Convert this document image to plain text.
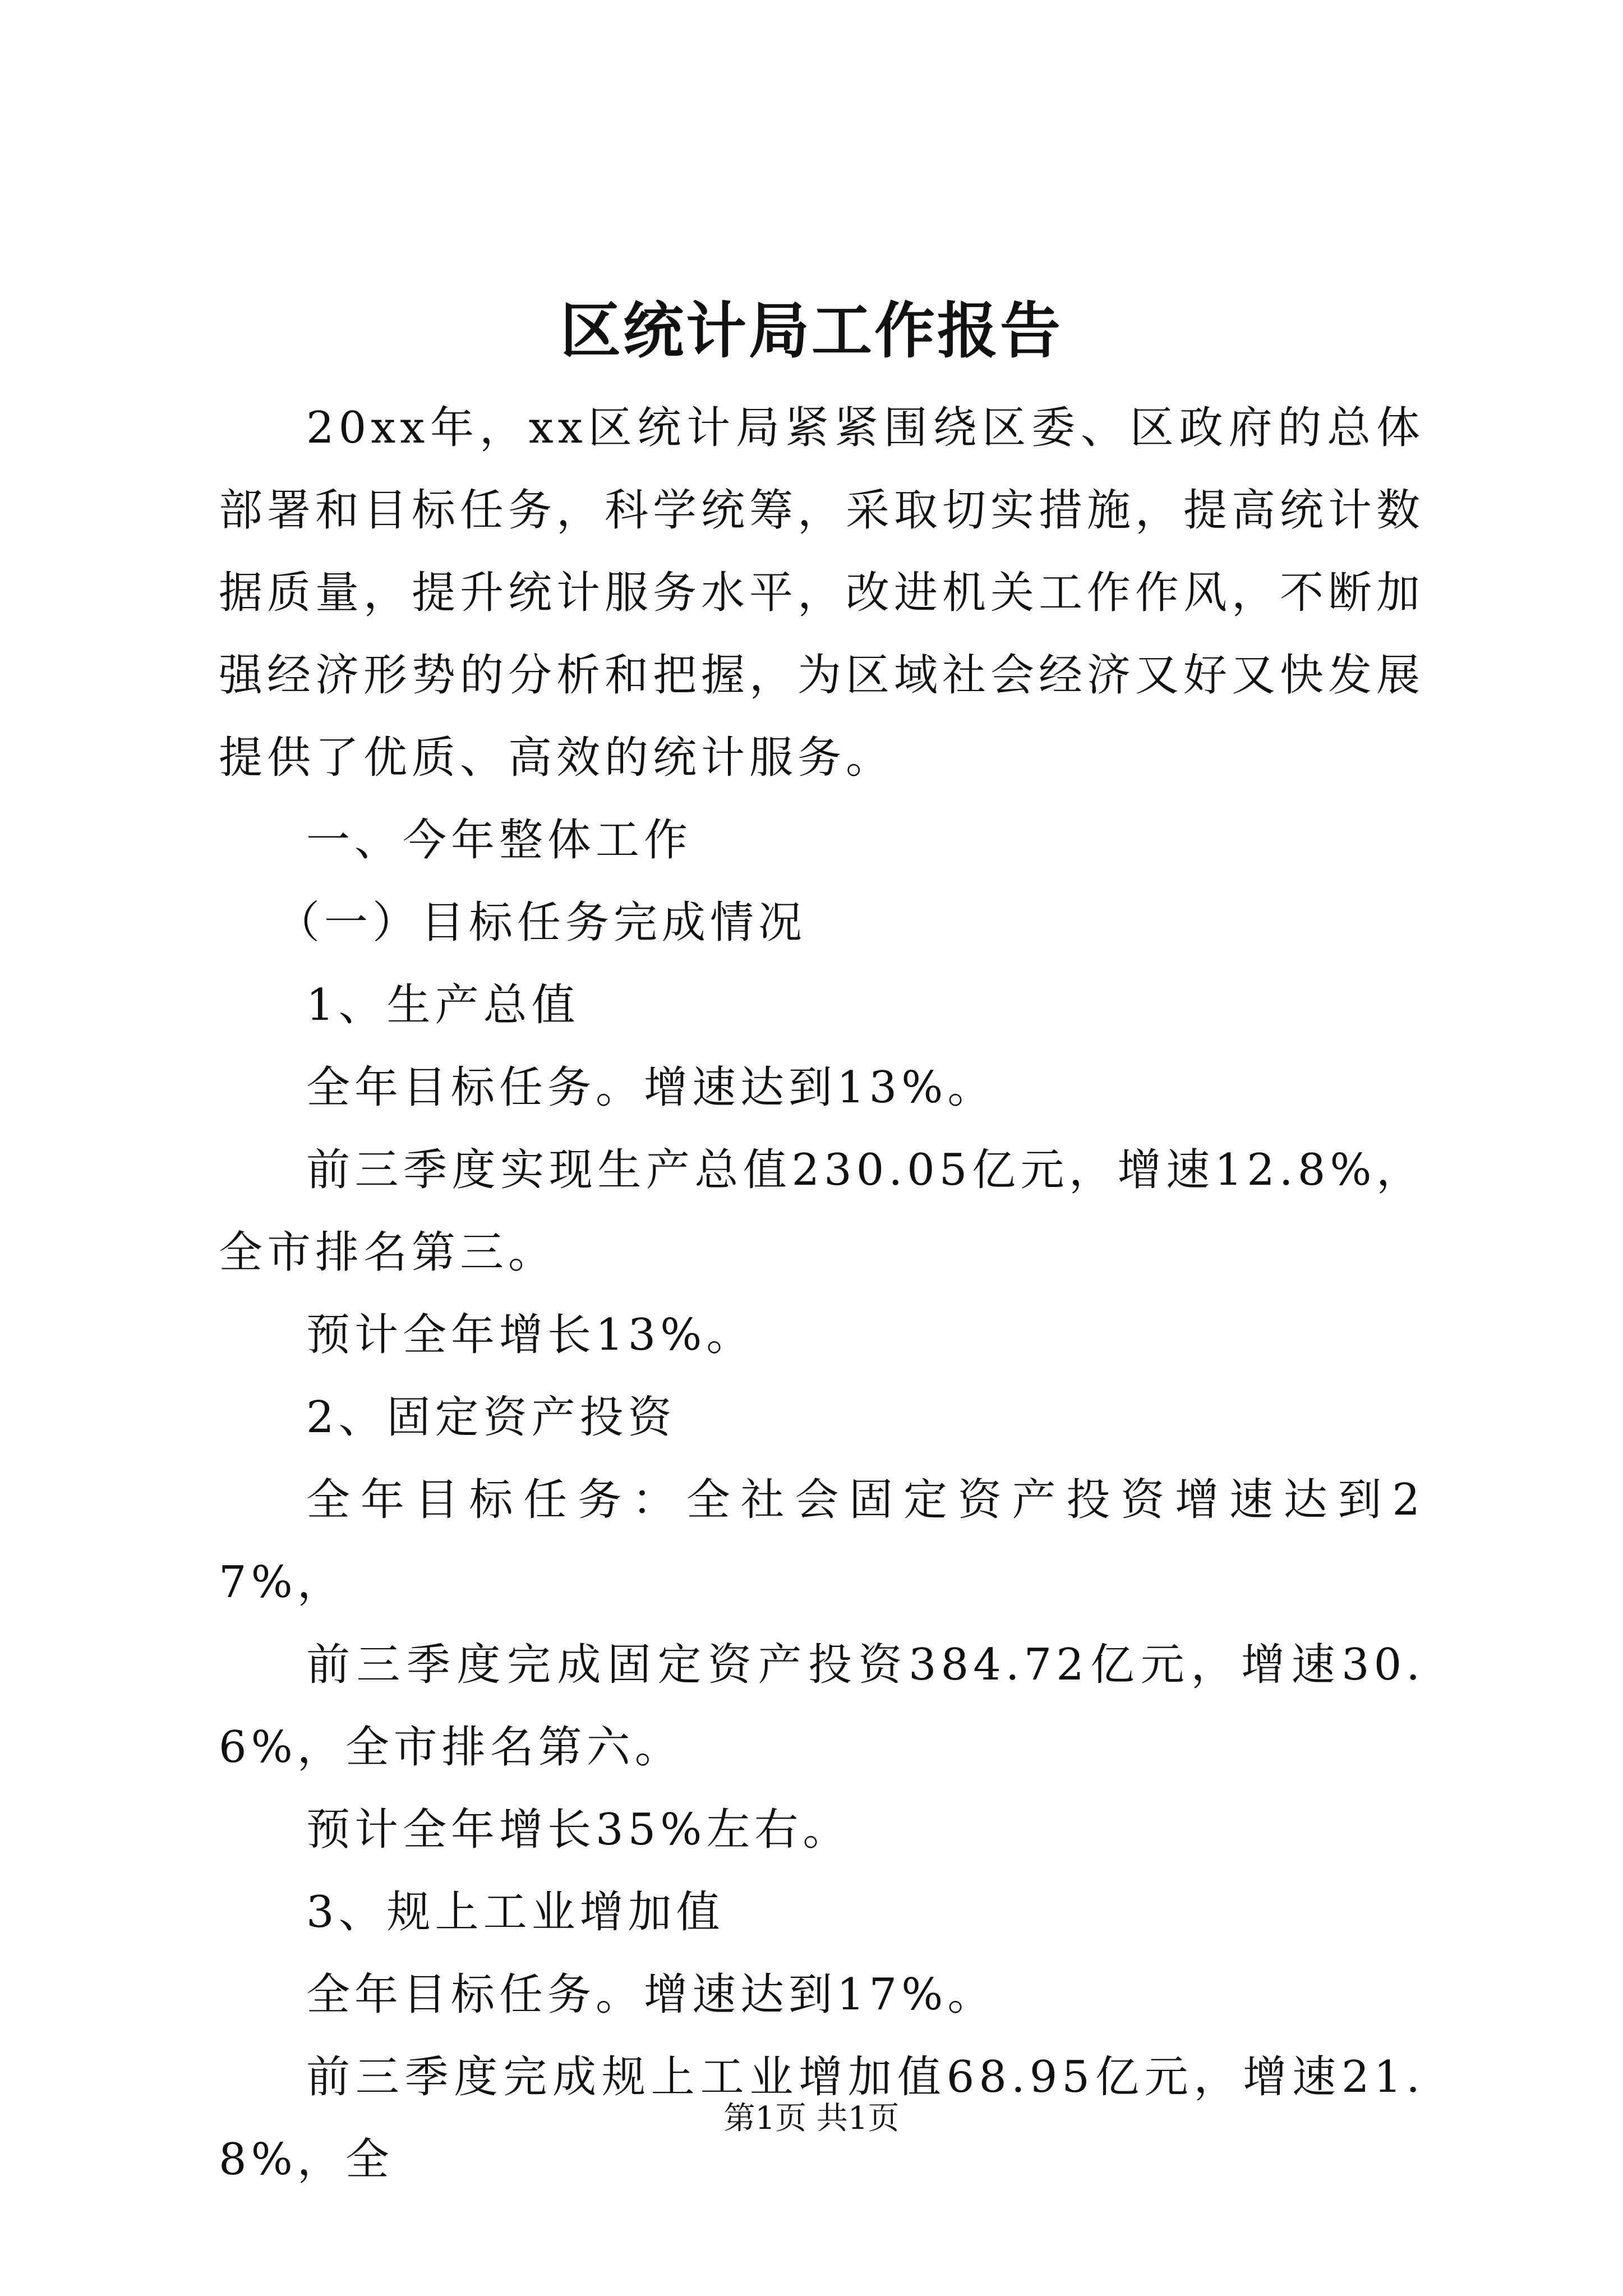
区统计局工作报告

20xx年，xx区统计局紧紧围绕区委、区政府的总体部署和目标任务，科学统筹，采取切实措施，提高统计数据质量，提升统计服务水平，改进机关工作作风，不断加强经济形势的分析和把握，为区域社会经济又好又快发展提供了优质、高效的统计服务。

一、今年整体工作

（一）目标任务完成情况

1、生产总值

全年目标任务。增速达到13%。

前三季度实现生产总值230.05亿元，增速12.8%，全市排名第三。

预计全年增长13%。

2、固定资产投资

全年目标任务：全社会固定资产投资增速达到27%，

前三季度完成固定资产投资384.72亿元，增速30.6%，全市排名第六。

预计全年增长35%左右。

3、规上工业增加值

全年目标任务。增速达到17%。

前三季度完成规上工业增加值68.95亿元，增速21.8%，全

第1页 共1页
